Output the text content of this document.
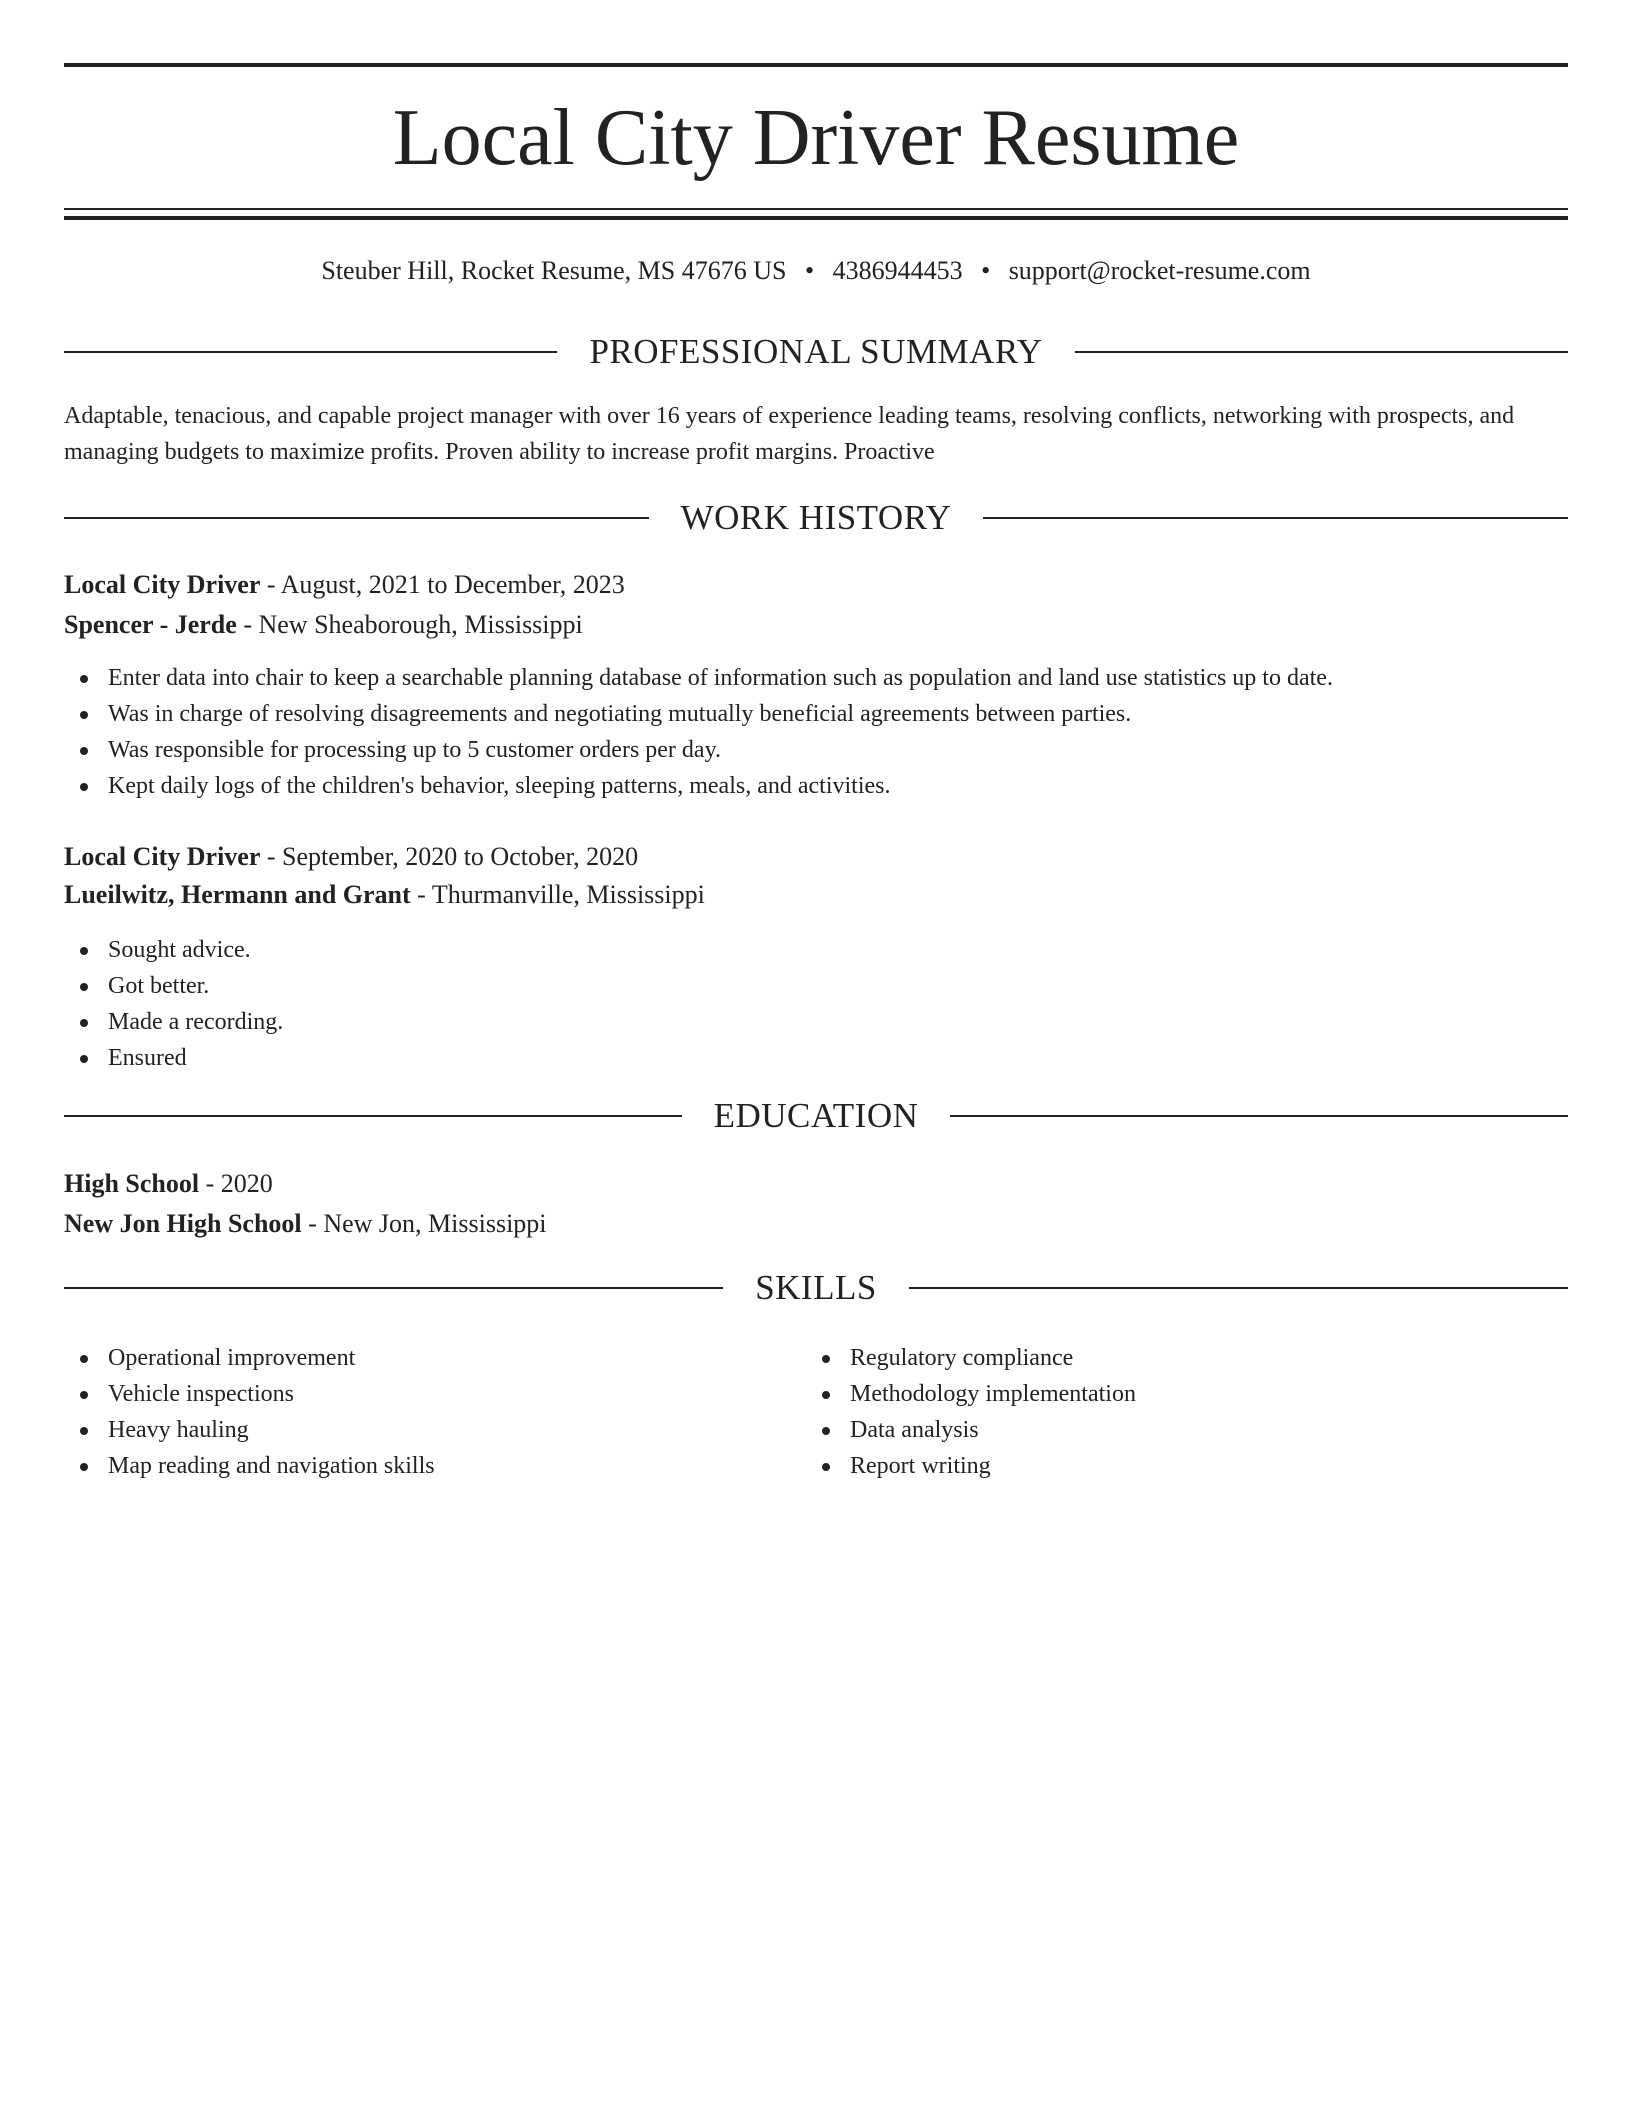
Local City Driver Resume
Steuber Hill, Rocket Resume, MS 47676 US • 4386944453 • support@rocket-resume.com
PROFESSIONAL SUMMARY

Adaptable, tenacious, and capable project manager with over 16 years of experience leading teams, resolving conflicts, networking with prospects, and managing budgets to maximize profits. Proven ability to increase profit margins. Proactive

WORK HISTORY
Local City Driver - August, 2021 to December, 2023
Spencer - Jerde - New Sheaborough, Mississippi
Enter data into chair to keep a searchable planning database of information such as population and land use statistics up to date.
Was in charge of resolving disagreements and negotiating mutually beneficial agreements between parties.
Was responsible for processing up to 5 customer orders per day.
Kept daily logs of the children's behavior, sleeping patterns, meals, and activities.
Local City Driver - September, 2020 to October, 2020
Lueilwitz, Hermann and Grant - Thurmanville, Mississippi
Sought advice.
Got better.
Made a recording.
Ensured
EDUCATION
High School - 2020
New Jon High School - New Jon, Mississippi
SKILLS
Operational improvement
Vehicle inspections
Heavy hauling
Map reading and navigation skills
Regulatory compliance
Methodology implementation
Data analysis
Report writing
